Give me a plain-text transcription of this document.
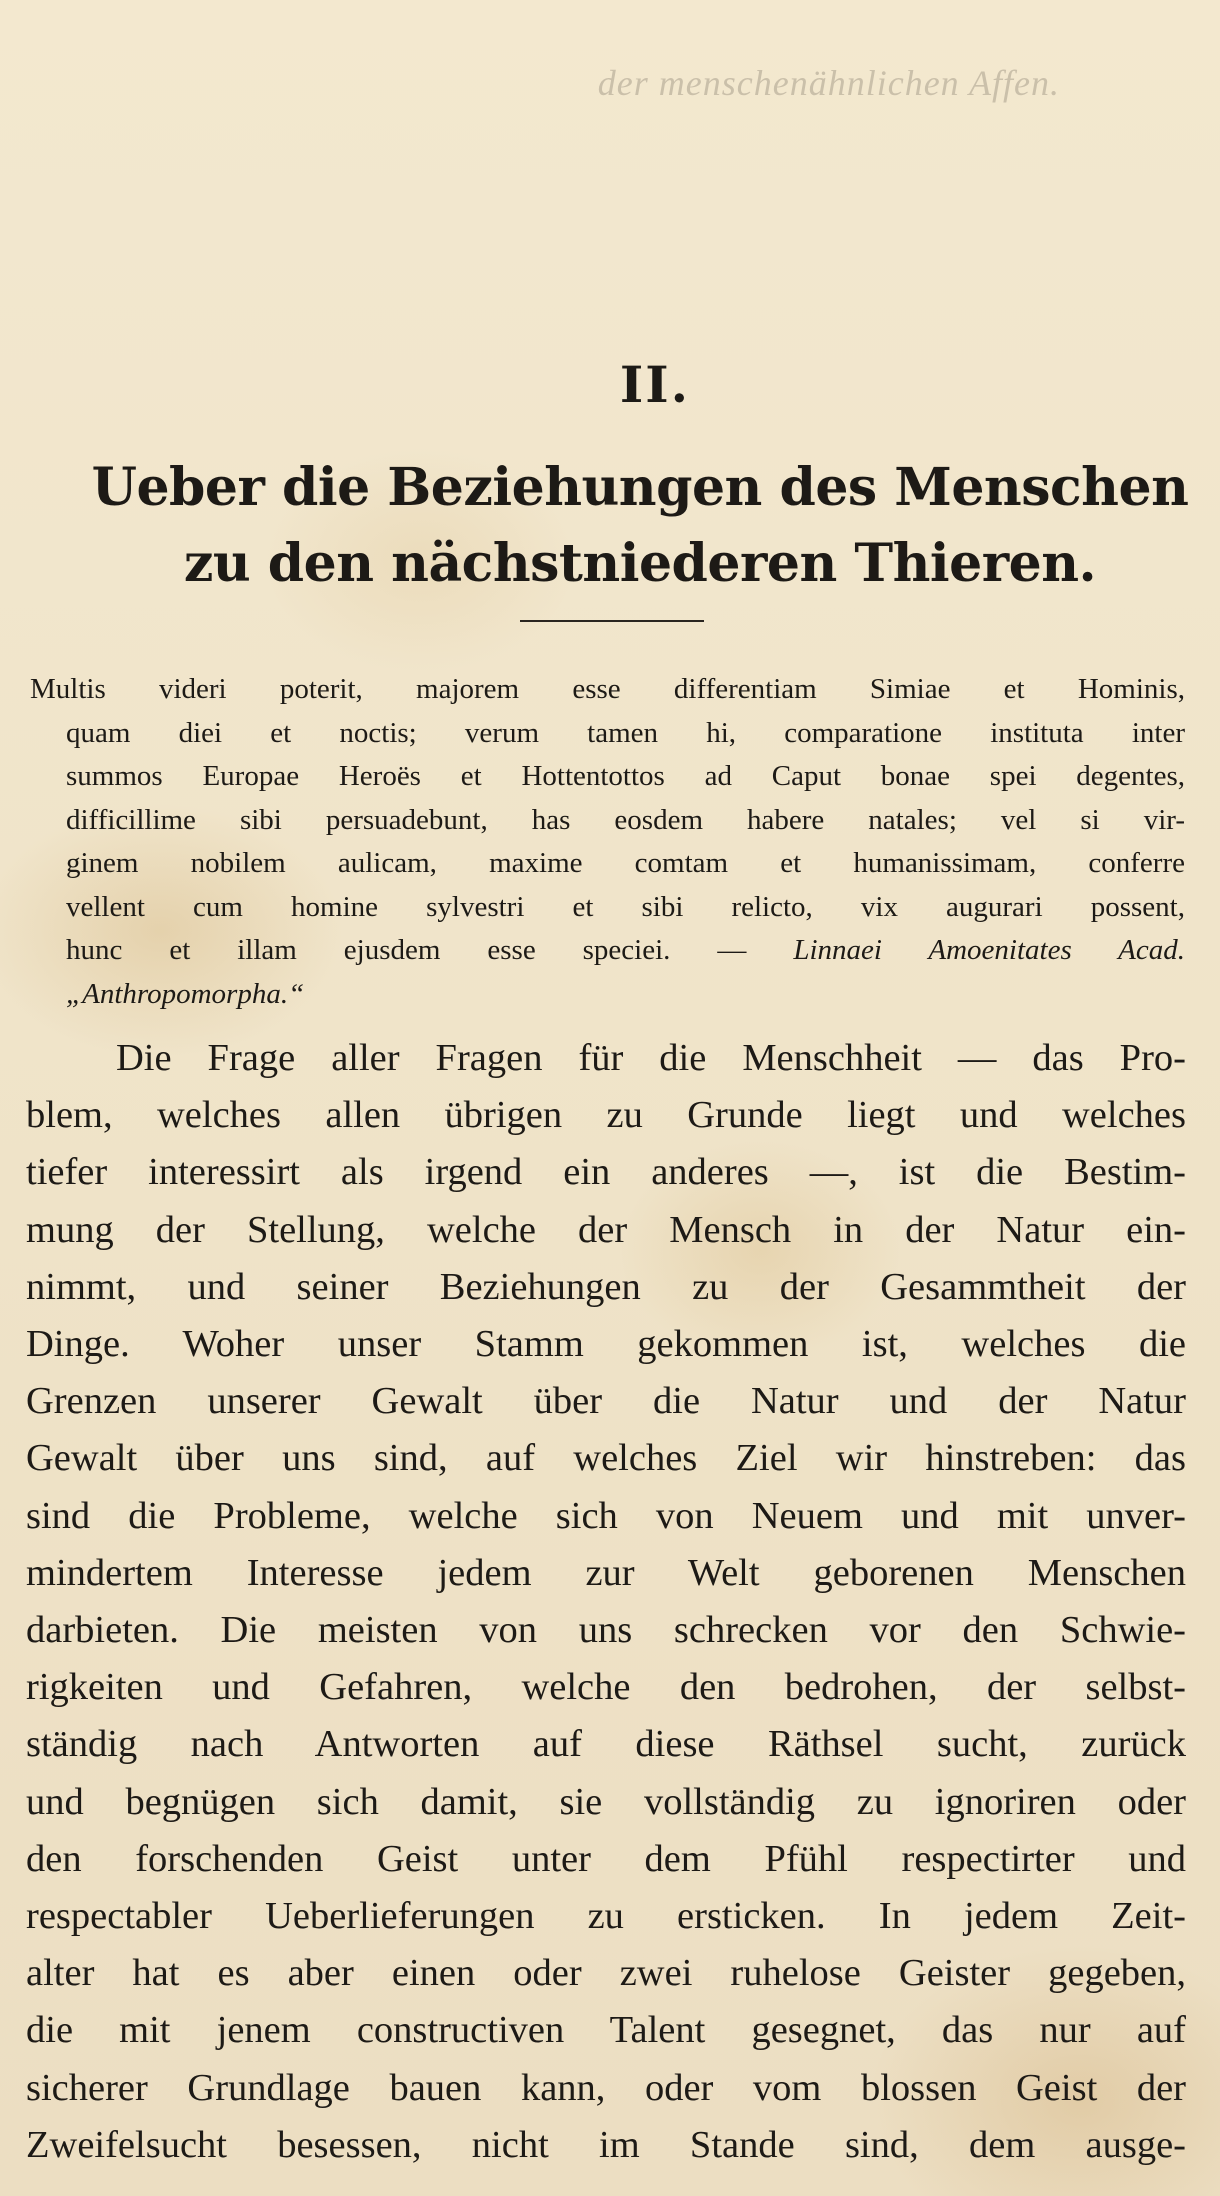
der menschenähnlichen Affen.
II.
Ueber die Beziehungen des Menschen
zu den nächstniederen Thieren.
Multis videri poterit, majorem esse differentiam Simiae et Hominis,
quam diei et noctis; verum tamen hi, comparatione instituta inter
summos Europae Heroës et Hottentottos ad Caput bonae spei degentes,
difficillime sibi persuadebunt, has eosdem habere natales; vel si vir-
ginem nobilem aulicam, maxime comtam et humanissimam, conferre
vellent cum homine sylvestri et sibi relicto, vix augurari possent,
hunc et illam ejusdem esse speciei. — Linnaei Amoenitates Acad.
„Anthropomorpha.“
Die Frage aller Fragen für die Menschheit — das Pro-
blem, welches allen übrigen zu Grunde liegt und welches
tiefer interessirt als irgend ein anderes —, ist die Bestim-
mung der Stellung, welche der Mensch in der Natur ein-
nimmt, und seiner Beziehungen zu der Gesammtheit der
Dinge. Woher unser Stamm gekommen ist, welches die
Grenzen unserer Gewalt über die Natur und der Natur
Gewalt über uns sind, auf welches Ziel wir hinstreben: das
sind die Probleme, welche sich von Neuem und mit unver-
mindertem Interesse jedem zur Welt geborenen Menschen
darbieten. Die meisten von uns schrecken vor den Schwie-
rigkeiten und Gefahren, welche den bedrohen, der selbst-
ständig nach Antworten auf diese Räthsel sucht, zurück
und begnügen sich damit, sie vollständig zu ignoriren oder
den forschenden Geist unter dem Pfühl respectirter und
respectabler Ueberlieferungen zu ersticken. In jedem Zeit-
alter hat es aber einen oder zwei ruhelose Geister gegeben,
die mit jenem constructiven Talent gesegnet, das nur auf
sicherer Grundlage bauen kann, oder vom blossen Geist der
Zweifelsucht besessen, nicht im Stande sind, dem ausge-
